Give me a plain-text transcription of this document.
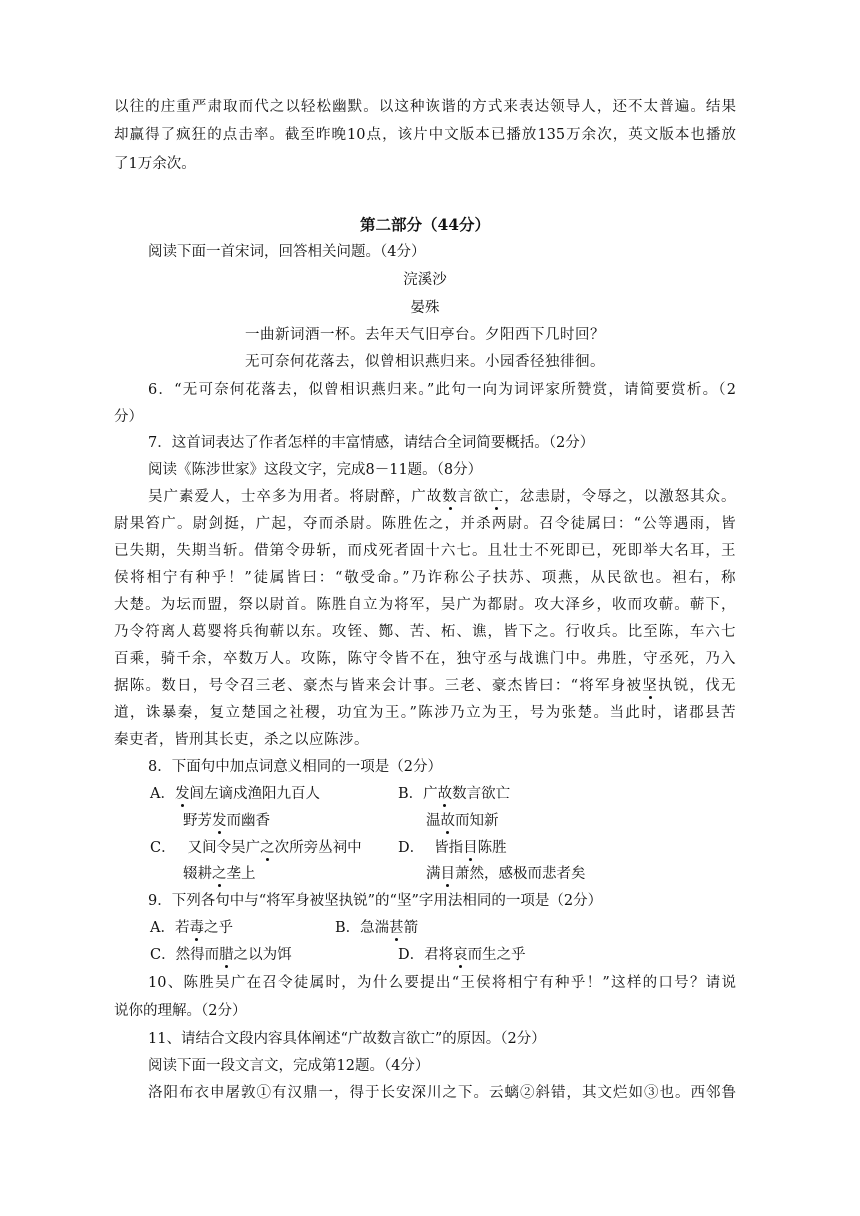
以往的庄重严肃取而代之以轻松幽默。以这种诙谐的方式来表达领导人，还不太普遍。结果
却赢得了疯狂的点击率。截至昨晚10点，该片中文版本已播放135万余次，英文版本也播放
了1万余次。
第二部分（44分）
阅读下面一首宋词，回答相关问题。（4分）
浣溪沙
晏殊
一曲新词酒一杯。去年天气旧亭台。夕阳西下几时回？
无可奈何花落去，似曾相识燕归来。小园香径独徘徊。
6．“无可奈何花落去，似曾相识燕归来。”此句一向为词评家所赞赏，请简要赏析。（2
分）
7．这首词表达了作者怎样的丰富情感，请结合全词简要概括。（2分）
阅读《陈涉世家》这段文字，完成8－11题。（8分）
吴广素爱人，士卒多为用者。将尉醉，广故数言欲亡，忿恚尉，令辱之，以激怒其众。
尉果笞广。尉剑挺，广起，夺而杀尉。陈胜佐之，并杀两尉。召令徒属曰：“公等遇雨，皆
已失期，失期当斩。借第令毋斩，而戍死者固十六七。且壮士不死即已，死即举大名耳，王
侯将相宁有种乎！”徒属皆曰：“敬受命。”乃诈称公子扶苏、项燕，从民欲也。袒右，称
大楚。为坛而盟，祭以尉首。陈胜自立为将军，吴广为都尉。攻大泽乡，收而攻蕲。蕲下，
乃令符离人葛婴将兵徇蕲以东。攻铚、酂、苦、柘、谯，皆下之。行收兵。比至陈，车六七
百乘，骑千余，卒数万人。攻陈，陈守令皆不在，独守丞与战谯门中。弗胜，守丞死，乃入
据陈。数日，号令召三老、豪杰与皆来会计事。三老、豪杰皆曰：“将军身被坚执锐，伐无
道，诛暴秦，复立楚国之社稷，功宜为王。”陈涉乃立为王，号为张楚。当此时，诸郡县苦
秦吏者，皆刑其长吏，杀之以应陈涉。
8．下面句中加点词意义相同的一项是（2分）
A．发闾左谪戍渔阳九百人
野芳发而幽香
B．广故数言欲亡
温故而知新
C． 又间令吴广之次所旁丛祠中
辍耕之垄上
D． 皆指目陈胜
满目萧然，感极而悲者矣
9．下列各句中与“将军身被坚执锐”的“坚”字用法相同的一项是（2分）
A．若毒之乎	B．急湍甚箭
C．然得而腊之以为饵	D．君将哀而生之乎
10、陈胜吴广在召令徒属时，为什么要提出“王侯将相宁有种乎！”这样的口号？请说
说你的理解。（2分）
11、请结合文段内容具体阐述“广故数言欲亡”的原因。（2分）
阅读下面一段文言文，完成第12题。（4分）
洛阳布衣申屠敦①有汉鼎一，得于长安深川之下。云螭②斜错，其文烂如③也。西邻鲁
